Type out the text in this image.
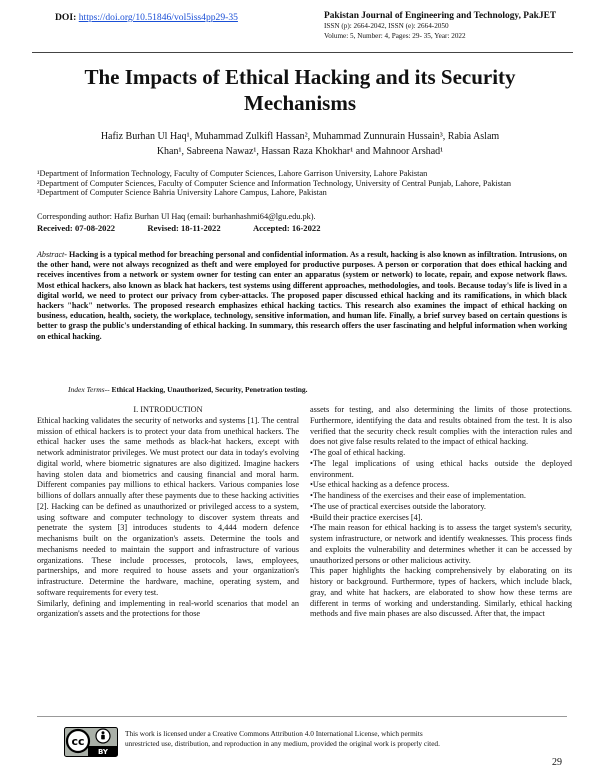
DOI: https://doi.org/10.51846/vol5iss4pp29-35	Pakistan Journal of Engineering and Technology, PakJET
ISSN (p): 2664-2042, ISSN (e): 2664-2050
Volume: 5, Number: 4, Pages: 29- 35, Year: 2022
The Impacts of Ethical Hacking and its Security Mechanisms
Hafiz Burhan Ul Haq¹, Muhammad Zulkifl Hassan², Muhammad Zunnurain Hussain³, Rabia Aslam
Khan¹, Sabreena Nawaz¹, Hassan Raza Khokhar¹ and Mahnoor Arshad¹
¹Department of Information Technology, Faculty of Computer Sciences, Lahore Garrison University, Lahore Pakistan
²Department of Computer Sciences, Faculty of Computer Science and Information Technology, University of Central Punjab, Lahore, Pakistan
³Department of Computer Science Bahria University Lahore Campus, Lahore, Pakistan
Corresponding author: Hafiz Burhan Ul Haq (email: burhanhashmi64@lgu.edu.pk).
Received: 07-08-2022	Revised: 18-11-2022	Accepted: 16-2022
Abstract- Hacking is a typical method for breaching personal and confidential information. As a result, hacking is also known as infiltration. Intrusions, on the other hand, were not always recognized as theft and were employed for productive purposes. A person or corporation that does ethical hacking and receives incentives from a network or system owner for testing can enter an apparatus (system or network) to locate, repair, and expose network flaws. Most ethical hackers, also known as black hat hackers, test systems using different approaches, methodologies, and tools. Because today's life is lived in a digital world, we need to protect our privacy from cyber-attacks. The proposed paper discussed ethical hacking and its ramifications, in which black hackers "hack" networks. The proposed research emphasizes ethical hacking tactics. This research also examines the impact of ethical hacking on business, education, health, society, the workplace, technology, sensitive information, and human life. Finally, a brief survey based on certain questions is better to grasp the public's understanding of ethical hacking. In summary, this research offers the user fascinating and helpful information when working on ethical hacking.
Index Terms-- Ethical Hacking, Unauthorized, Security, Penetration testing.

I. INTRODUCTION

Ethical hacking validates the security of networks and systems [1]. The central mission of ethical hackers is to protect your data from unethical hackers. The ethical hacker uses the same methods as black-hat hackers, except with network administrator privileges. We must protect our data in today's evolving digital world, where biometric signatures are also digitized. Imagine hackers having stolen data and biometrics and causing financial and moral harm. Different companies pay millions to ethical hackers. Various companies lose billions of dollars annually after these payments due to these hacking activities [2]. Hacking can be defined as unauthorized or privileged access to a system, using software and computer technology to discover system threats and penetrate the system [3] introduces students to 4,444 modern defence mechanisms built on the organization's assets. Determine the tools and mechanisms needed to maintain the support and infrastructure of various organizations. These include processes, protocols, laws, employees, partnerships, and more required to house assets and your organization's infrastructure. Determine the hardware, machine, operating system, and software requirements for every test.

Similarly, defining and implementing in real-world scenarios that model an organization's assets and the protections for those

assets for testing, and also determining the limits of those protections. Furthermore, identifying the data and results obtained from the test. It is also verified that the security check result complies with the interaction rules and does not give false results related to the impact of ethical hacking.

•The goal of ethical hacking.

•The legal implications of using ethical hacks outside the deployed environment.

•Use ethical hacking as a defence process.

•The handiness of the exercises and their ease of implementation.

•The use of practical exercises outside the laboratory.

•Build their practice exercises [4].

•The main reason for ethical hacking is to assess the target system's security, system infrastructure, or network and identify weaknesses. This process finds and exploits the vulnerability and determines whether it can be accessed by unauthorized persons or other malicious activity.

This paper highlights the hacking comprehensively by elaborating on its history or background. Furthermore, types of hackers, which include black, gray, and white hat hackers, are elaborated to show how these terms are different in terms of working and understanding. Similarly, ethical hacking methods and five main phases are also discussed. After that, the impact

cc
BY
This work is licensed under a Creative Commons Attribution 4.0 International License, which permits
unrestricted use, distribution, and reproduction in any medium, provided the original work is properly cited.
29
